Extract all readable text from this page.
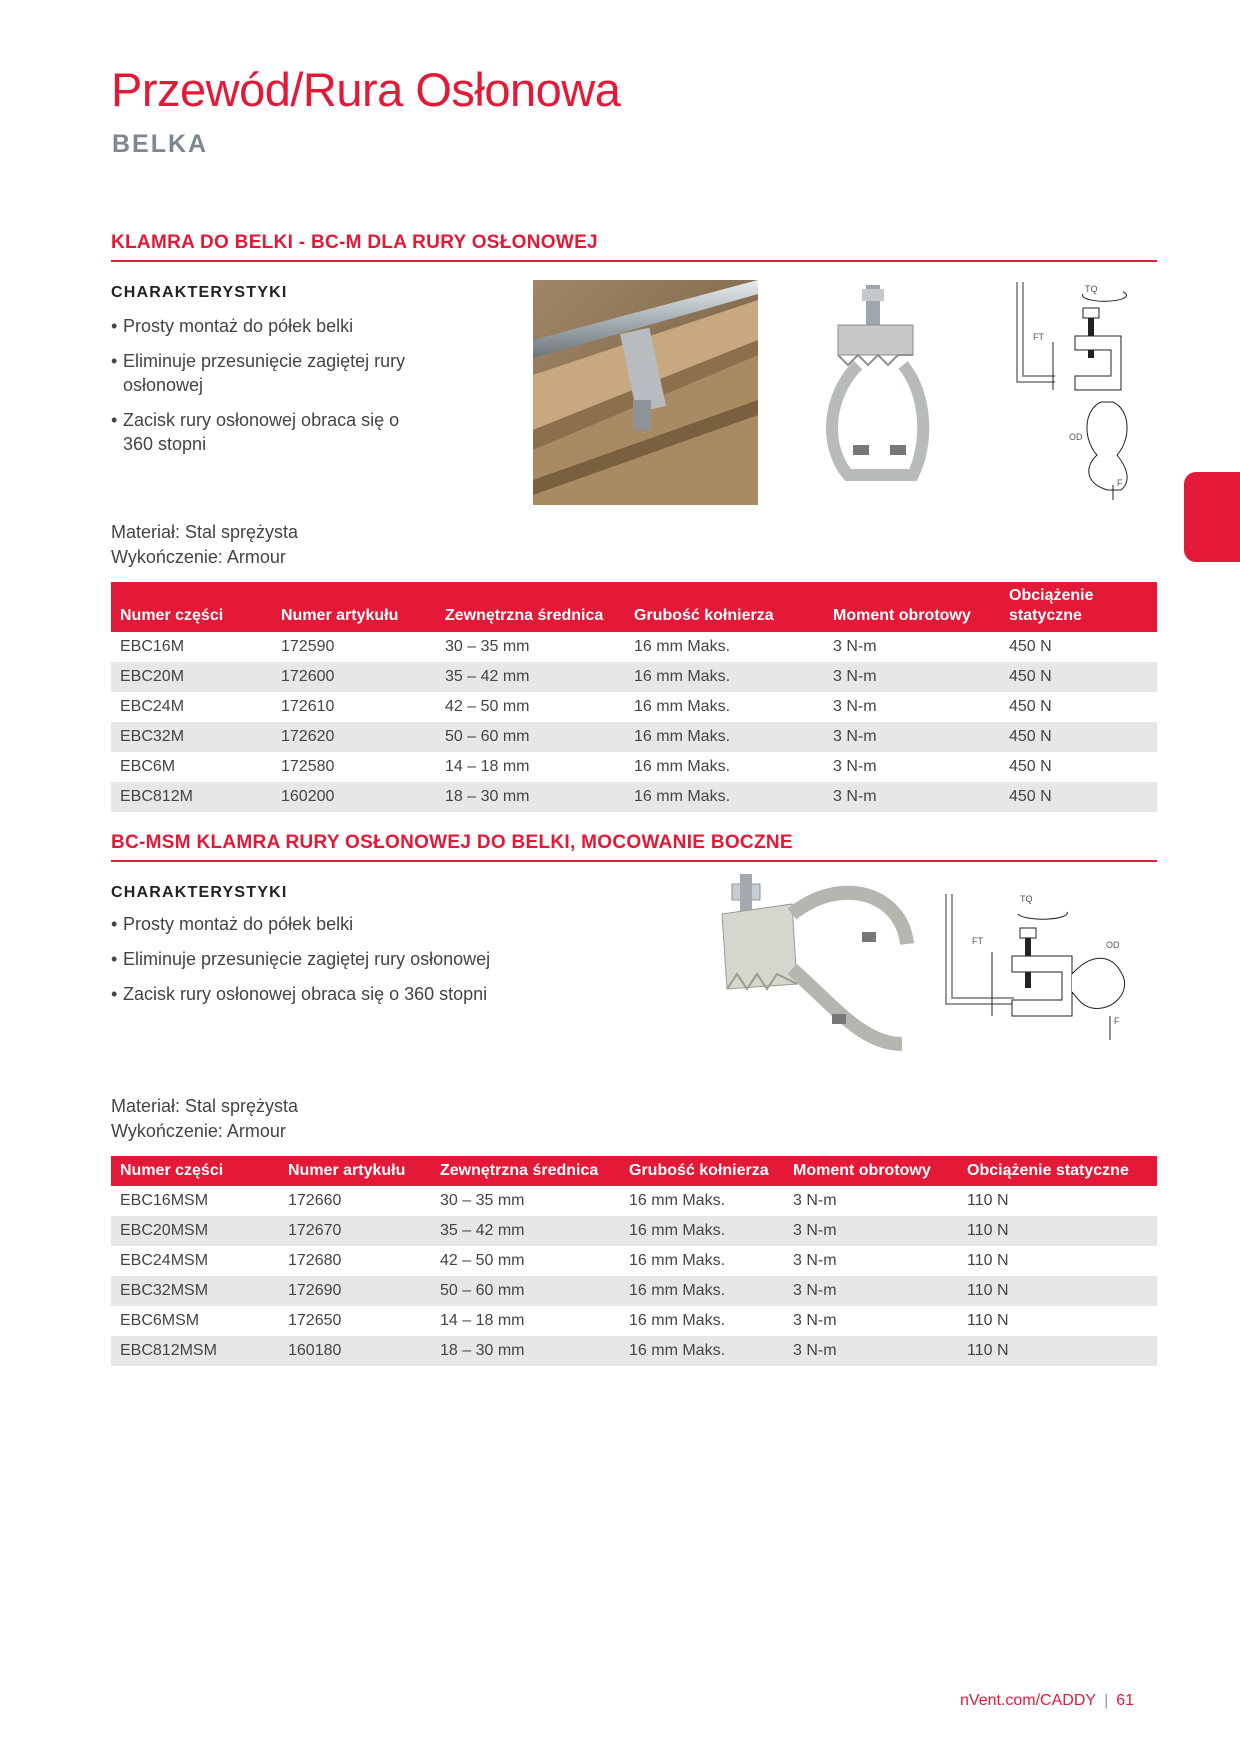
Przewód/Rura Osłonowa
BELKA
KLAMRA DO BELKI - BC-M DLA RURY OSŁONOWEJ
CHARAKTERYSTYKI
• Prosty montaż do półek belki
• Eliminuje przesunięcie zagiętej rury osłonowej
• Zacisk rury osłonowej obraca się o 360 stopni
TQ
FT
OD
F
Materiał: Stal sprężysta
Wykończenie: Armour
Numer części	Numer artykułu	Zewnętrzna średnica	Grubość kołnierza	Moment obrotowy	Obciążenie statyczne
EBC16M	172590	30 – 35 mm	16 mm Maks.	3 N-m	450 N
EBC20M	172600	35 – 42 mm	16 mm Maks.	3 N-m	450 N
EBC24M	172610	42 – 50 mm	16 mm Maks.	3 N-m	450 N
EBC32M	172620	50 – 60 mm	16 mm Maks.	3 N-m	450 N
EBC6M	172580	14 – 18 mm	16 mm Maks.	3 N-m	450 N
EBC812M	160200	18 – 30 mm	16 mm Maks.	3 N-m	450 N
BC-MSM KLAMRA RURY OSŁONOWEJ DO BELKI, MOCOWANIE BOCZNE
CHARAKTERYSTYKI
• Prosty montaż do półek belki
• Eliminuje przesunięcie zagiętej rury osłonowej
• Zacisk rury osłonowej obraca się o 360 stopni
TQ
FT	OD
F
Materiał: Stal sprężysta
Wykończenie: Armour
Numer części	Numer artykułu	Zewnętrzna średnica	Grubość kołnierza	Moment obrotowy	Obciążenie statyczne
EBC16MSM	172660	30 – 35 mm	16 mm Maks.	3 N-m	110 N
EBC20MSM	172670	35 – 42 mm	16 mm Maks.	3 N-m	110 N
EBC24MSM	172680	42 – 50 mm	16 mm Maks.	3 N-m	110 N
EBC32MSM	172690	50 – 60 mm	16 mm Maks.	3 N-m	110 N
EBC6MSM	172650	14 – 18 mm	16 mm Maks.	3 N-m	110 N
EBC812MSM	160180	18 – 30 mm	16 mm Maks.	3 N-m	110 N
nVent.com/CADDY | 61
